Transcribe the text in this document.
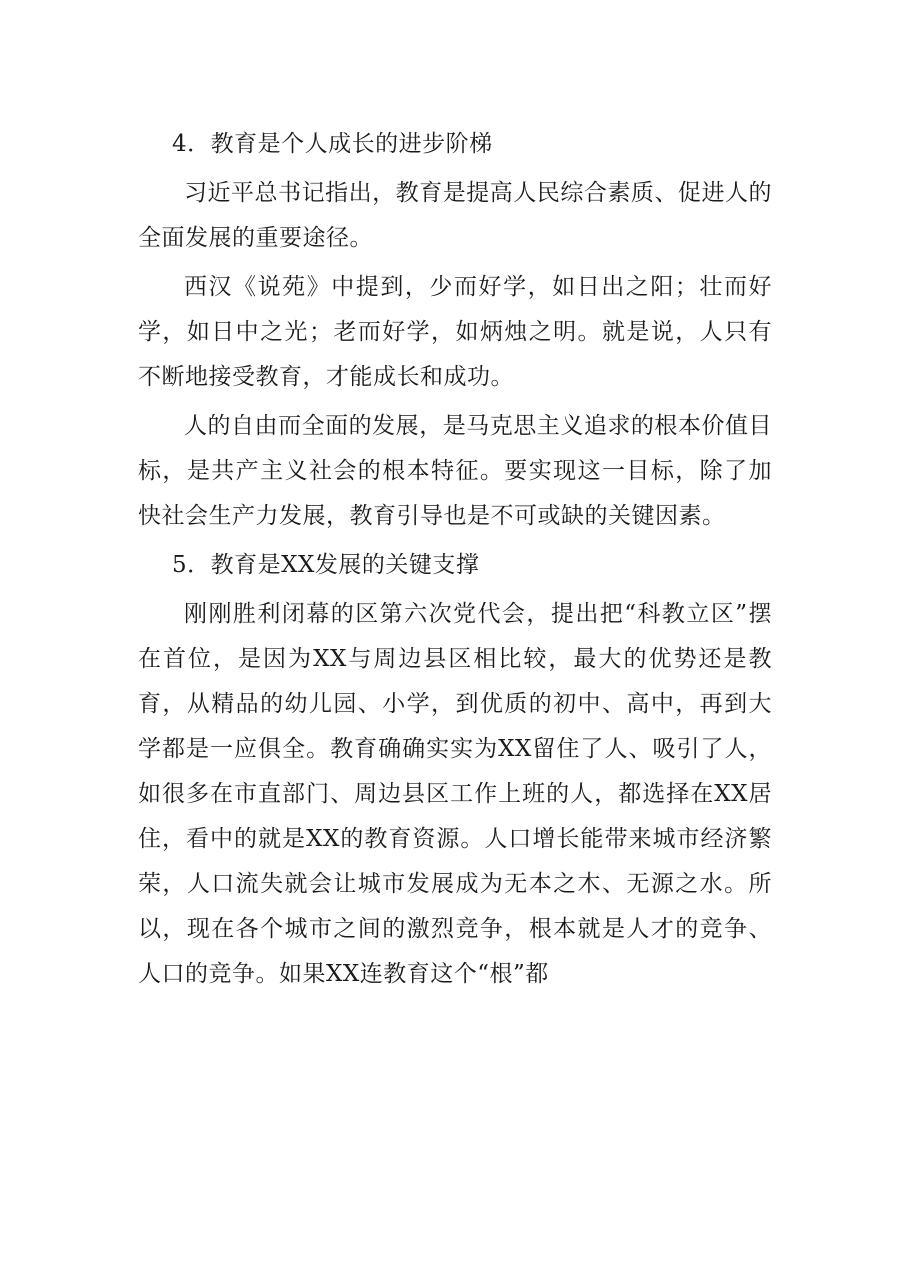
4．教育是个人成长的进步阶梯

习近平总书记指出，教育是提高人民综合素质、促进人的全面发展的重要途径。

西汉《说苑》中提到，少而好学，如日出之阳；壮而好学，如日中之光；老而好学，如炳烛之明。就是说，人只有不断地接受教育，才能成长和成功。

人的自由而全面的发展，是马克思主义追求的根本价值目标，是共产主义社会的根本特征。要实现这一目标，除了加快社会生产力发展，教育引导也是不可或缺的关键因素。

5．教育是XX发展的关键支撑

刚刚胜利闭幕的区第六次党代会，提出把“科教立区”摆在首位，是因为XX与周边县区相比较，最大的优势还是教育，从精品的幼儿园、小学，到优质的初中、高中，再到大学都是一应俱全。教育确确实实为XX留住了人、吸引了人，如很多在市直部门、周边县区工作上班的人，都选择在XX居住，看中的就是XX的教育资源。人口增长能带来城市经济繁荣，人口流失就会让城市发展成为无本之木、无源之水。所以，现在各个城市之间的激烈竞争，根本就是人才的竞争、人口的竞争。如果XX连教育这个“根”都
